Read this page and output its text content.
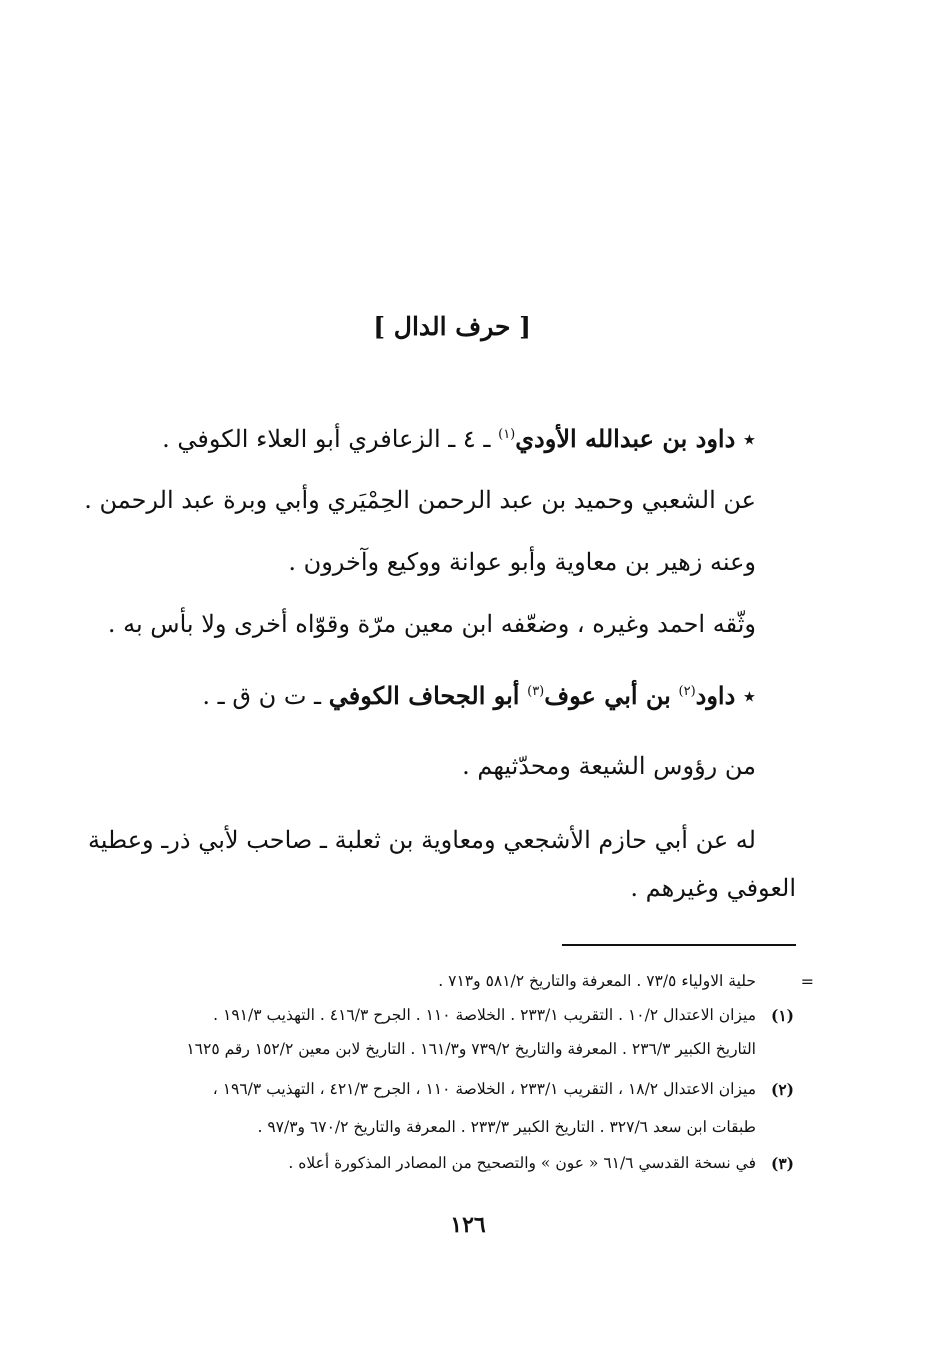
[ حرف الدال ]
٭ داود بن عبدالله الأودي$^{(١)}$ ـ ٤ ـ الزعافري أبو العلاء الكوفي .
عن الشعبي وحميد بن عبد الرحمن الحِمْيَري وأبي وبرة عبد الرحمن .
وعنه زهير بن معاوية وأبو عوانة ووكيع وآخرون .
وثّقه احمد وغيره ، وضعّفه ابن معين مرّة وقوّاه أخرى ولا بأس به .
٭ داود$^{(٢)}$ بن أبي عوف$^{(٣)}$ أبو الجحاف الكوفي ـ ت ن ق ـ .
من رؤوس الشيعة ومحدّثيهم .
له عن أبي حازم الأشجعي ومعاوية بن ثعلبة ـ صاحب لأبي ذرـ وعطية
العوفي وغيرهم .
=
حلية الاولياء ٧٣/٥ . المعرفة والتاريخ ٥٨١/٢ و٧١٣ .
(١)
ميزان الاعتدال ١٠/٢ . التقريب ٢٣٣/١ . الخلاصة ١١٠ . الجرح ٤١٦/٣ . التهذيب ١٩١/٣ .
التاريخ الكبير ٢٣٦/٣ . المعرفة والتاريخ ٧٣٩/٢ و١٦١/٣ . التاريخ لابن معين ١٥٢/٢ رقم ١٦٢٥
(٢)
ميزان الاعتدال ١٨/٢ ، التقريب ٢٣٣/١ ، الخلاصة ١١٠ ، الجرح ٤٢١/٣ ، التهذيب ١٩٦/٣ ،
طبقات ابن سعد ٣٢٧/٦ . التاريخ الكبير ٢٣٣/٣ . المعرفة والتاريخ ٦٧٠/٢ و٩٧/٣ .
(٣)
في نسخة القدسي ٦١/٦ « عون » والتصحيح من المصادر المذكورة أعلاه .
١٢٦
